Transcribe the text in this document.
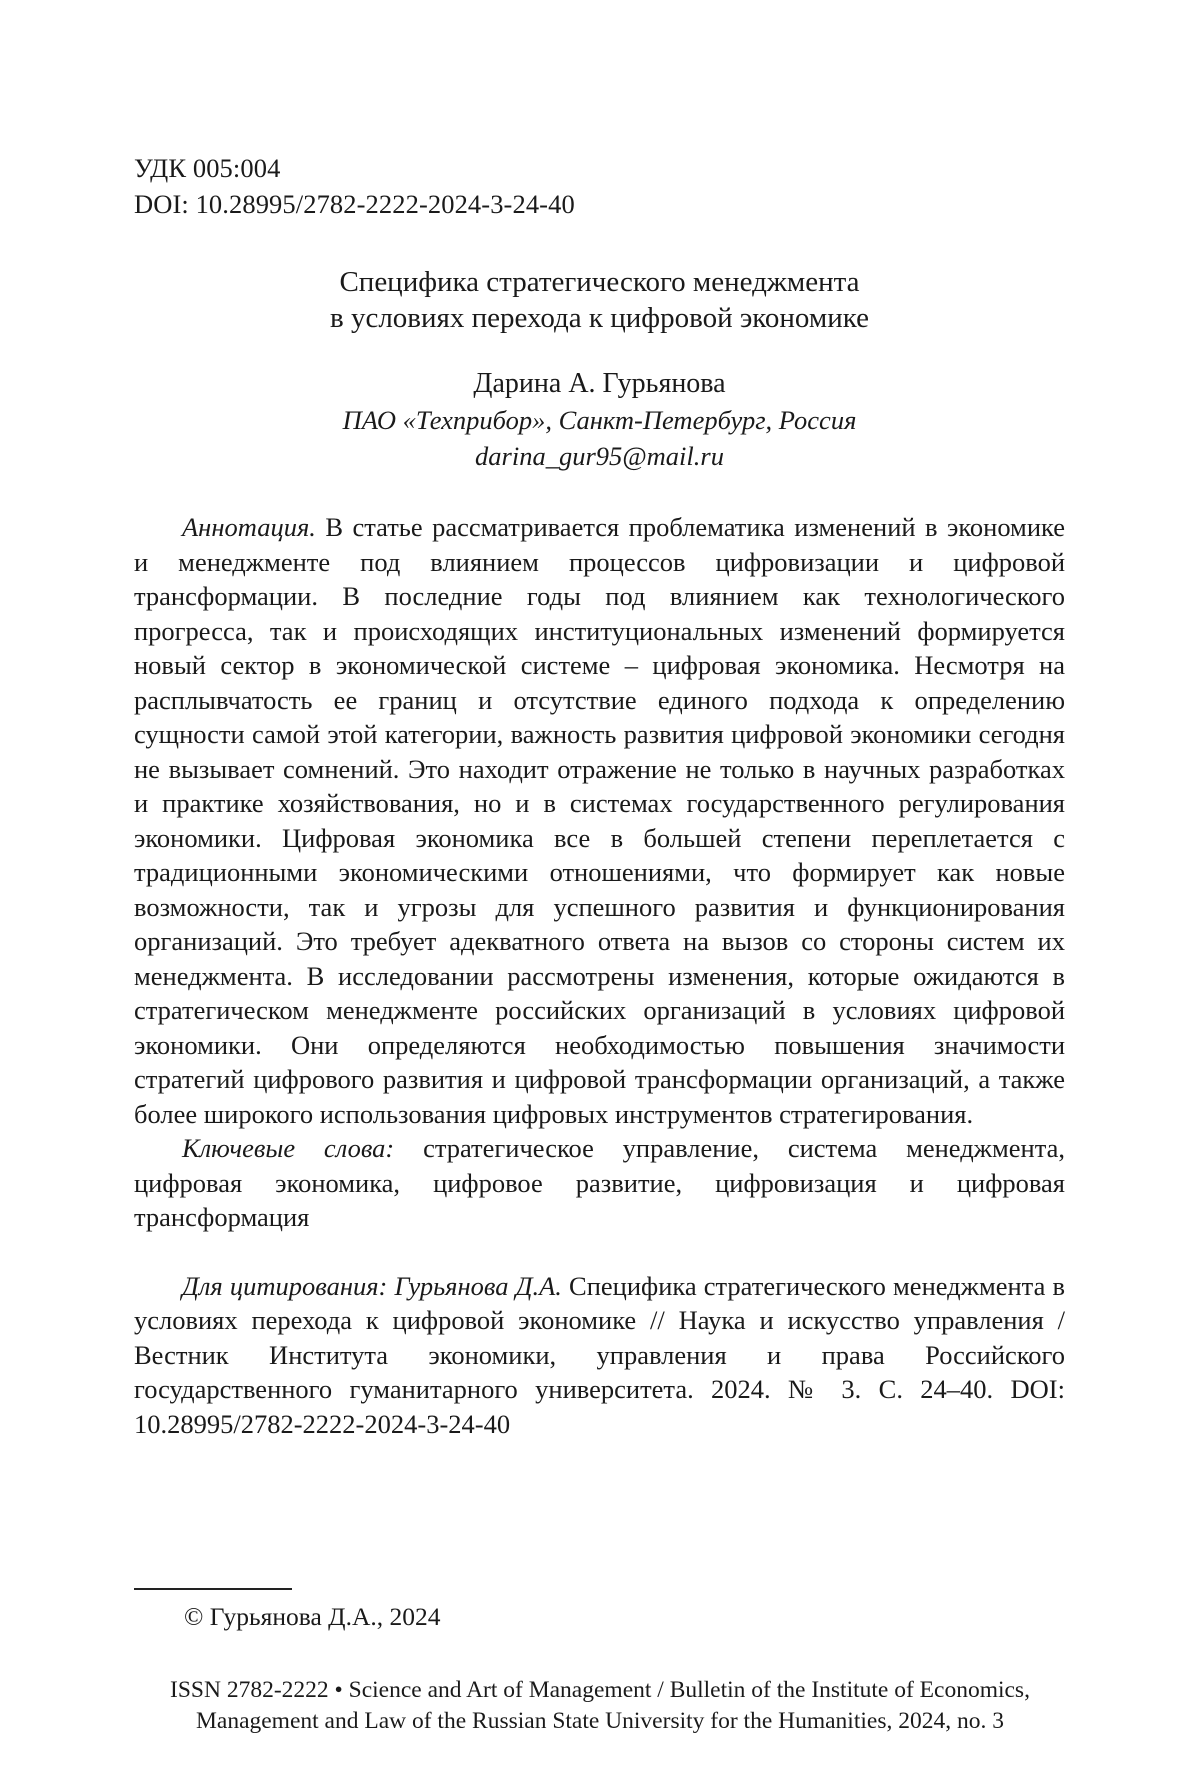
УДК 005:004
DOI: 10.28995/2782-2222-2024-3-24-40
Специфика стратегического менеджмента
в условиях перехода к цифровой экономике
Дарина А. Гурьянова
ПАО «Техприбор», Санкт-Петербург, Россия
darina_gur95@mail.ru

Аннотация. В статье рассматривается проблематика изменений в экономике и менеджменте под влиянием процессов цифровизации и цифровой трансформации. В последние годы под влиянием как технологического прогресса, так и происходящих институциональных изменений формируется новый сектор в экономической системе – цифровая экономика. Несмотря на расплывчатость ее границ и отсутствие единого подхода к определению сущности самой этой категории, важность развития цифровой экономики сегодня не вызывает сомнений. Это находит отражение не только в научных разработках и практике хозяйствования, но и в системах государственного регулирования экономики. Цифровая экономика все в большей степени переплетается с традиционными экономическими отношениями, что формирует как новые возможности, так и угрозы для успешного развития и функционирования организаций. Это требует адекватного ответа на вызов со стороны систем их менеджмента. В исследовании рассмотрены изменения, которые ожидаются в стратегическом менеджменте российских организаций в условиях цифровой экономики. Они определяются необходимостью повышения значимости стратегий цифрового развития и цифровой трансформации организаций, а также более широкого использования цифровых инструментов стратегирования.

Ключевые слова: стратегическое управление, система менеджмента, цифровая экономика, цифровое развитие, цифровизация и цифровая трансформация

Для цитирования: Гурьянова Д.А. Специфика стратегического менеджмента в условиях перехода к цифровой экономике // Наука и искусство управления / Вестник Института экономики, управления и права Российского государственного гуманитарного университета. 2024. № 3. С. 24–40. DOI: 10.28995/2782-2222-2024-3-24-40

© Гурьянова Д.А., 2024
ISSN 2782-2222 • Science and Art of Management / Bulletin of the Institute of Economics,
Management and Law of the Russian State University for the Humanities, 2024, no. 3
